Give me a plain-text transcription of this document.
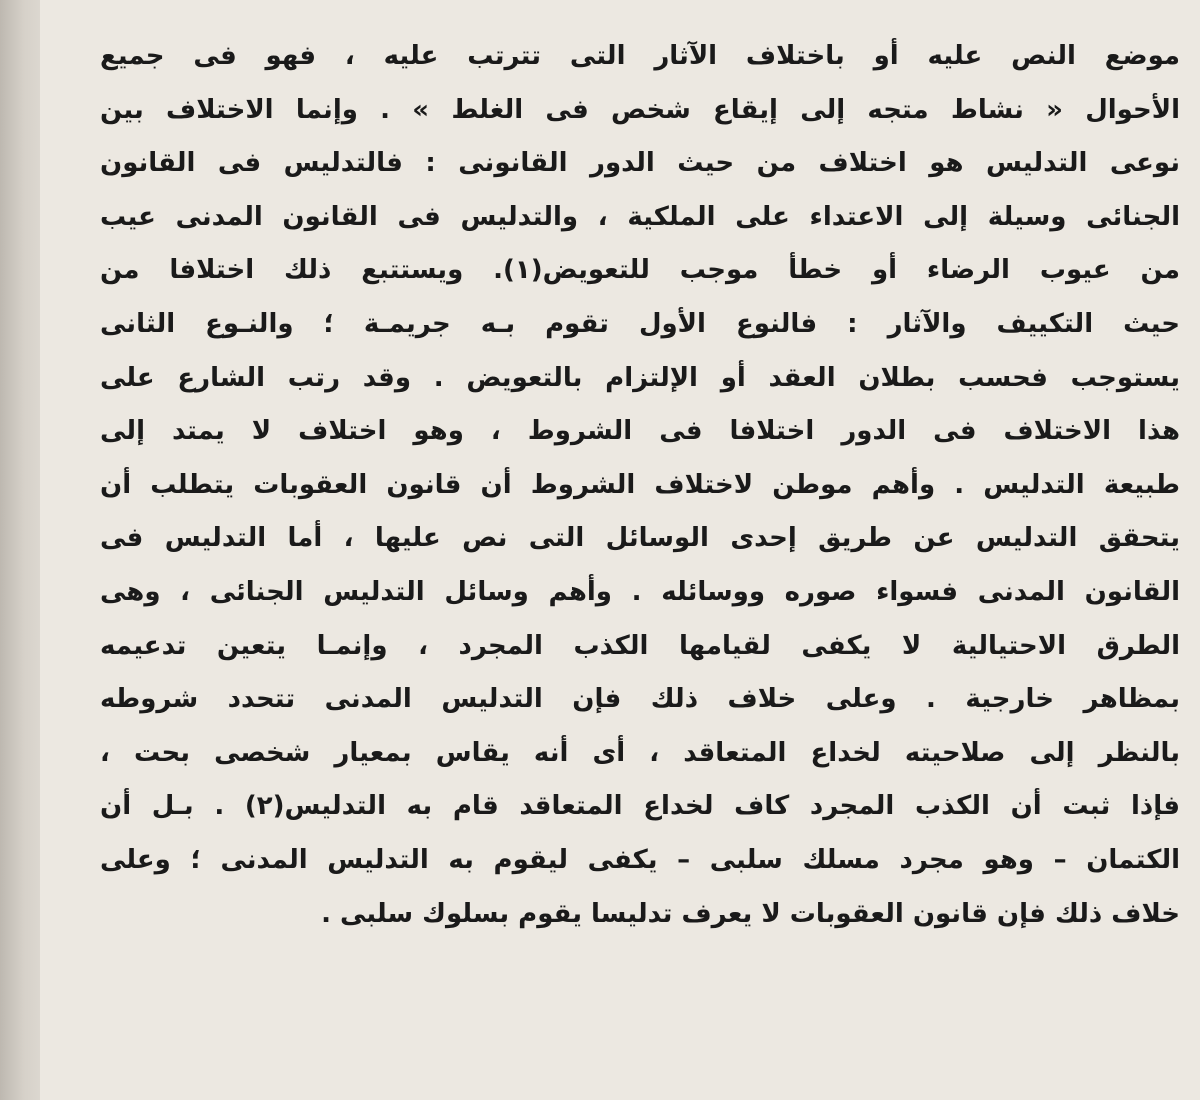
موضع النص عليه أو باختلاف الآثار التى تترتب عليه ، فهو فى جميع
الأحوال « نشاط متجه إلى إيقاع شخص فى الغلط » . وإنما الاختلاف بين
نوعى التدليس هو اختلاف من حيث الدور القانونى : فالتدليس فى القانون
الجنائى وسيلة إلى الاعتداء على الملكية ، والتدليس فى القانون المدنى عيب
من عيوب الرضاء أو خطأ موجب للتعويض(١). ويستتبع ذلك اختلافا من
حيث التكييف والآثار : فالنوع الأول تقوم بـه جريمـة ؛ والنـوع الثانى
يستوجب فحسب بطلان العقد أو الإلتزام بالتعويض . وقد رتب الشارع على
هذا الاختلاف فى الدور اختلافا فى الشروط ، وهو اختلاف لا يمتد إلى
طبيعة التدليس . وأهم موطن لاختلاف الشروط أن قانون العقوبات يتطلب أن
يتحقق التدليس عن طريق إحدى الوسائل التى نص عليها ، أما التدليس فى
القانون المدنى فسواء صوره ووسائله . وأهم وسائل التدليس الجنائى ، وهى
الطرق الاحتيالية لا يكفى لقيامها الكذب المجرد ، وإنمـا يتعين تدعيمه
بمظاهر خارجية . وعلى خلاف ذلك فإن التدليس المدنى تتحدد شروطه
بالنظر إلى صلاحيته لخداع المتعاقد ، أى أنه يقاس بمعيار شخصى بحت ،
فإذا ثبت أن الكذب المجرد كاف لخداع المتعاقد قام به التدليس(٢) . بـل أن
الكتمان – وهو مجرد مسلك سلبى – يكفى ليقوم به التدليس المدنى ؛ وعلى
خلاف ذلك فإن قانون العقوبات لا يعرف تدليسا يقوم بسلوك سلبى .
